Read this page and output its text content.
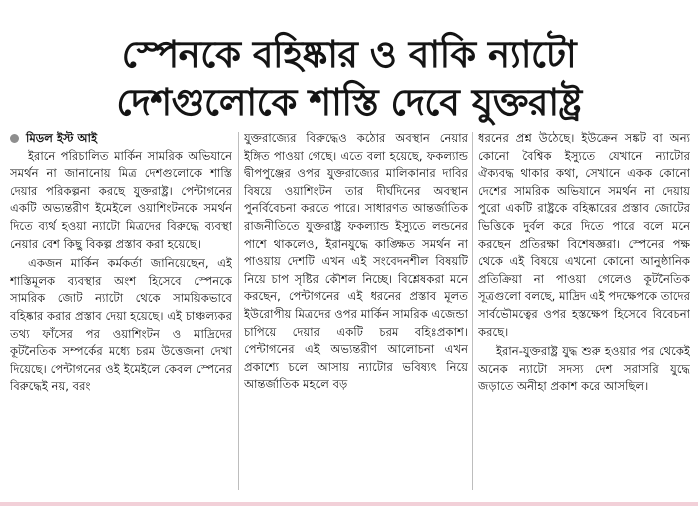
স্পেনকে বহিষ্কার ও বাকি ন্যাটো
দেশগুলোকে শাস্তি দেবে যুক্তরাষ্ট্র
মিডল ইস্ট আই

ইরানে পরিচালিত মার্কিন সামরিক অভিযানে সমর্থন না জানানোয় মিত্র দেশগুলোকে শাস্তি দেয়ার পরিকল্পনা করছে যুক্তরাষ্ট্র। পেন্টাগনের একটি অভ্যন্তরীণ ইমেইলে ওয়াশিংটনকে সমর্থন দিতে ব্যর্থ হওয়া ন্যাটো মিত্রদের বিরুদ্ধে ব্যবস্থা নেয়ার বেশ কিছু বিকল্প প্রস্তাব করা হয়েছে।

একজন মার্কিন কর্মকর্তা জানিয়েছেন, এই শাস্তিমূলক ব্যবস্থার অংশ হিসেবে স্পেনকে সামরিক জোট ন্যাটো থেকে সাময়িকভাবে বহিষ্কার করার প্রস্তাব দেয়া হয়েছে। এই চাঞ্চল্যকর তথ্য ফাঁসের পর ওয়াশিংটন ও মাদ্রিদের কূটনৈতিক সম্পর্কের মধ্যে চরম উত্তেজনা দেখা দিয়েছে। পেন্টাগনের ওই ইমেইলে কেবল স্পেনের বিরুদ্ধেই নয়, বরং

যুক্তরাজ্যের বিরুদ্ধেও কঠোর অবস্থান নেয়ার ইঙ্গিত পাওয়া গেছে। এতে বলা হয়েছে, ফকল্যান্ড দ্বীপপুঞ্জের ওপর যুক্তরাজ্যের মালিকানার দাবির বিষয়ে ওয়াশিংটন তার দীর্ঘদিনের অবস্থান পুনর্বিবেচনা করতে পারে। সাধারণত আন্তর্জাতিক রাজনীতিতে যুক্তরাষ্ট্র ফকল্যান্ড ইস্যুতে লন্ডনের পাশে থাকলেও, ইরানযুদ্ধে কাঙ্ক্ষিত সমর্থন না পাওয়ায় দেশটি এখন এই সংবেদনশীল বিষয়টি নিয়ে চাপ সৃষ্টির কৌশল নিচ্ছে। বিশ্লেষকরা মনে করছেন, পেন্টাগনের এই ধরনের প্রস্তাব মূলত ইউরোপীয় মিত্রদের ওপর মার্কিন সামরিক এজেন্ডা চাপিয়ে দেয়ার একটি চরম বহিঃপ্রকাশ। পেন্টাগনের এই অভ্যন্তরীণ আলোচনা এখন প্রকাশ্যে চলে আসায় ন্যাটোর ভবিষ্যৎ নিয়ে আন্তর্জাতিক মহলে বড়

ধরনের প্রশ্ন উঠেছে। ইউক্রেন সঙ্কট বা অন্য কোনো বৈশ্বিক ইস্যুতে যেখানে ন্যাটোর ঐক্যবদ্ধ থাকার কথা, সেখানে একক কোনো দেশের সামরিক অভিযানে সমর্থন না দেয়ায় পুরো একটি রাষ্ট্রকে বহিষ্কারের প্রস্তাব জোটের ভিত্তিকে দুর্বল করে দিতে পারে বলে মনে করছেন প্রতিরক্ষা বিশেষজ্ঞরা। স্পেনের পক্ষ থেকে এই বিষয়ে এখনো কোনো আনুষ্ঠানিক প্রতিক্রিয়া না পাওয়া গেলেও কূটনৈতিক সূত্রগুলো বলছে, মাদ্রিদ এই পদক্ষেপকে তাদের সার্বভৌমত্বের ওপর হস্তক্ষেপ হিসেবে বিবেচনা করছে।

ইরান-যুক্তরাষ্ট্র যুদ্ধ শুরু হওয়ার পর থেকেই অনেক ন্যাটো সদস্য দেশ সরাসরি যুদ্ধে জড়াতে অনীহা প্রকাশ করে আসছিল।
